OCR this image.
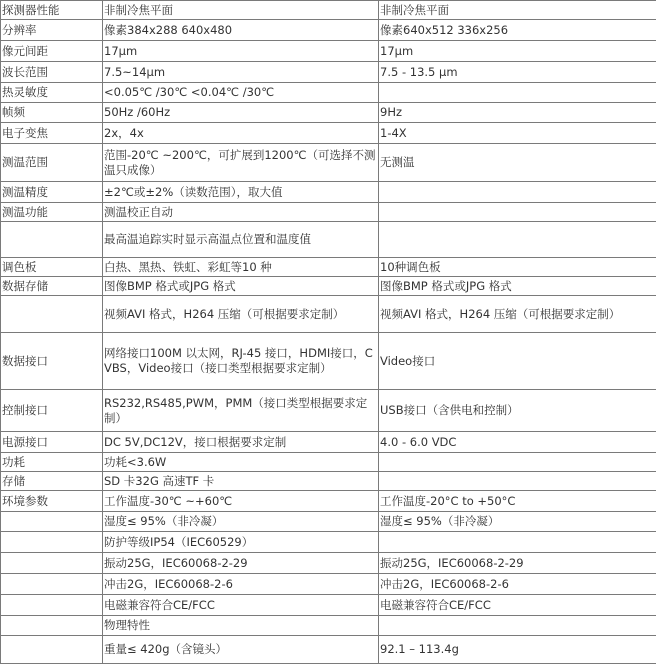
探测器性能	非制冷焦平面	非制冷焦平面
分辨率	像素384x288 640x480	像素640x512 336x256
像元间距	17μm	17μm
波长范围	7.5~14μm	7.5 - 13.5 μm
热灵敏度	<0.05℃ /30℃ <0.04℃ /30℃	
帧频	50Hz /60Hz	9Hz
电子变焦	2x，4x	1-4X
测温范围	范围-20℃ ~200℃，可扩展到1200℃（可选择不测温只成像）	无测温
测温精度	±2℃或±2%（读数范围），取大值	
测温功能	测温校正自动	
	最高温追踪实时显示高温点位置和温度值	
调色板	白热、黑热、铁虹、彩虹等10 种	10种调色板
数据存储	图像BMP 格式或JPG 格式	图像BMP 格式或JPG 格式
	视频AVI 格式，H264 压缩（可根据要求定制）	视频AVI 格式，H264 压缩（可根据要求定制）
数据接口	网络接口100M 以太网，RJ-45 接口，HDMI接口，CVBS，Video接口（接口类型根据要求定制）	Video接口
控制接口	RS232,RS485,PWM，PMM（接口类型根据要求定制）	USB接口（含供电和控制）
电源接口	DC 5V,DC12V，接口根据要求定制	4.0 - 6.0 VDC
功耗	功耗<3.6W	
存储	SD 卡32G 高速TF 卡	
环境参数	工作温度-30℃ ~+60℃	工作温度-20°C to +50°C
	湿度≤ 95%（非冷凝）	湿度≤ 95%（非冷凝）
	防护等级IP54（IEC60529）	
	振动25G，IEC60068-2-29	振动25G，IEC60068-2-29
	冲击2G，IEC60068-2-6	冲击2G，IEC60068-2-6
	电磁兼容符合CE/FCC	电磁兼容符合CE/FCC
	物理特性	
	重量≤ 420g（含镜头）	92.1 – 113.4g
